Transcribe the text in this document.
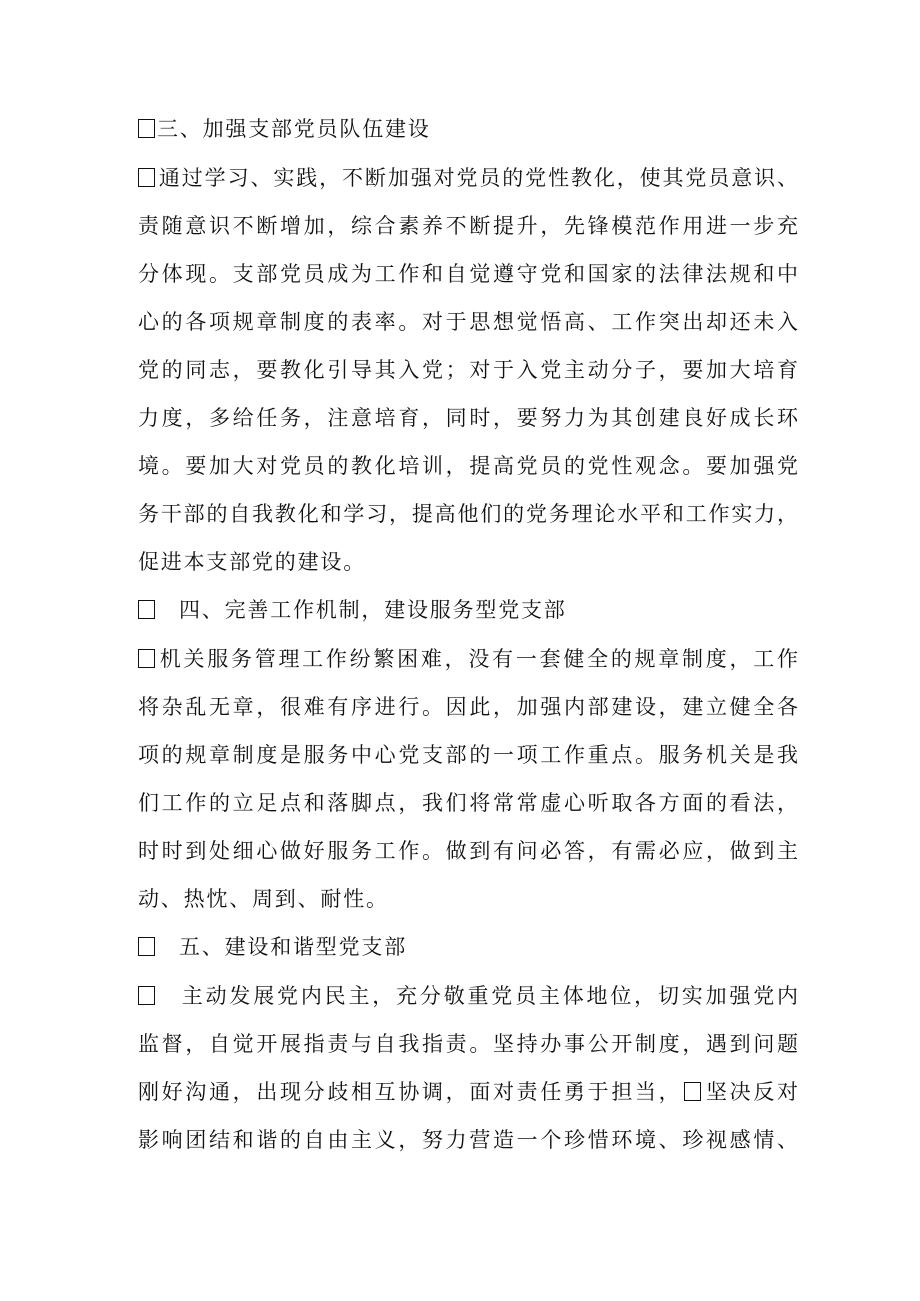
三、加强支部党员队伍建设
通过学习、实践，不断加强对党员的党性教化，使其党员意识、
责随意识不断增加，综合素养不断提升，先锋模范作用进一步充
分体现。支部党员成为工作和自觉遵守党和国家的法律法规和中
心的各项规章制度的表率。对于思想觉悟高、工作突出却还未入
党的同志，要教化引导其入党；对于入党主动分子，要加大培育
力度，多给任务，注意培育，同时，要努力为其创建良好成长环
境。要加大对党员的教化培训，提高党员的党性观念。要加强党
务干部的自我教化和学习，提高他们的党务理论水平和工作实力，
促进本支部党的建设。
四、完善工作机制，建设服务型党支部
机关服务管理工作纷繁困难，没有一套健全的规章制度，工作
将杂乱无章，很难有序进行。因此，加强内部建设，建立健全各
项的规章制度是服务中心党支部的一项工作重点。服务机关是我
们工作的立足点和落脚点，我们将常常虚心听取各方面的看法，
时时到处细心做好服务工作。做到有问必答，有需必应，做到主
动、热忱、周到、耐性。
五、建设和谐型党支部
主动发展党内民主，充分敬重党员主体地位，切实加强党内
监督，自觉开展指责与自我指责。坚持办事公开制度，遇到问题
刚好沟通，出现分歧相互协调，面对责任勇于担当， 坚决反对
影响团结和谐的自由主义，努力营造一个珍惜环境、珍视感情、
